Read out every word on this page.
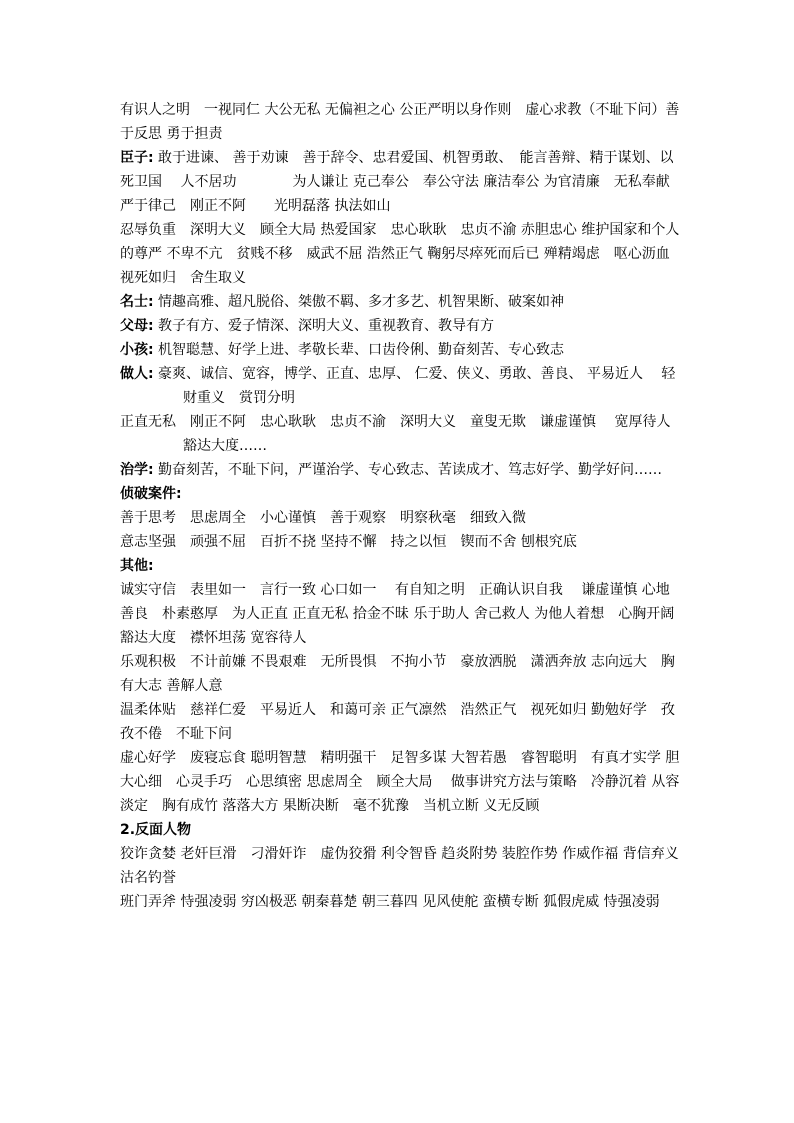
有识人之明　一视同仁 大公无私 无偏袒之心 公正严明以身作则　虚心求教（不耻下问）善于反思 勇于担责

臣子: 敢于进谏、 善于劝谏　善于辞令、忠君爱国、机智勇敢、　能言善辩、精于谋划、以死卫国　 人不居功　　　　为人谦让 克己奉公　奉公守法 廉洁奉公 为官清廉　无私奉献 严于律己　刚正不阿　　光明磊落 执法如山

忍辱负重　深明大义　顾全大局 热爱国家　忠心耿耿　忠贞不渝 赤胆忠心 维护国家和个人的尊严 不卑不亢　贫贱不移　威武不屈 浩然正气 鞠躬尽瘁死而后已 殚精竭虑　呕心沥血　视死如归　舍生取义

名士: 情趣高雅、超凡脱俗、桀傲不羁、多才多艺、机智果断、破案如神

父母: 教子有方、爱子情深、深明大义、重视教育、教导有方

小孩: 机智聪慧、好学上进、孝敬长辈、口齿伶俐、勤奋刻苦、专心致志

做人: 豪爽、诚信、宽容，博学、正直、忠厚、 仁爱、侠义、勇敢、善良、 平易近人　 轻财重义　赏罚分明

正直无私　刚正不阿　忠心耿耿　忠贞不渝　深明大义　童叟无欺　谦虚谨慎　 宽厚待人　　　　 豁达大度……

治学: 勤奋刻苦，不耻下问，严谨治学、专心致志、苦读成才、笃志好学、勤学好问……

侦破案件:

善于思考　思虑周全　小心谨慎　善于观察　明察秋毫　细致入微

意志坚强　顽强不屈　百折不挠 坚持不懈　持之以恒　锲而不舍 刨根究底

其他:

诚实守信　表里如一　言行一致 心口如一　 有自知之明　正确认识自我　 谦虚谨慎 心地善良　朴素憨厚　为人正直 正直无私 拾金不昧 乐于助人 舍己救人 为他人着想　心胸开阔　豁达大度　襟怀坦荡 宽容待人

乐观积极　不计前嫌 不畏艰难　无所畏惧　不拘小节　豪放洒脱　潇洒奔放 志向远大　胸有大志 善解人意

温柔体贴　慈祥仁爱　平易近人　和蔼可亲 正气凛然　浩然正气　视死如归 勤勉好学　孜孜不倦　不耻下问

虚心好学　废寝忘食 聪明智慧　精明强干　足智多谋 大智若愚　睿智聪明　有真才实学 胆大心细　心灵手巧　心思缜密 思虑周全　顾全大局　 做事讲究方法与策略　冷静沉着 从容淡定　胸有成竹 落落大方 果断决断　毫不犹豫　当机立断 义无反顾

2.反面人物

狡诈贪婪 老奸巨滑　刁滑奸诈　虚伪狡猾 利令智昏 趋炎附势 装腔作势 作威作福 背信弃义 沽名钓誉

班门弄斧 恃强凌弱 穷凶极恶 朝秦暮楚 朝三暮四 见风使舵 蛮横专断 狐假虎威 恃强凌弱
